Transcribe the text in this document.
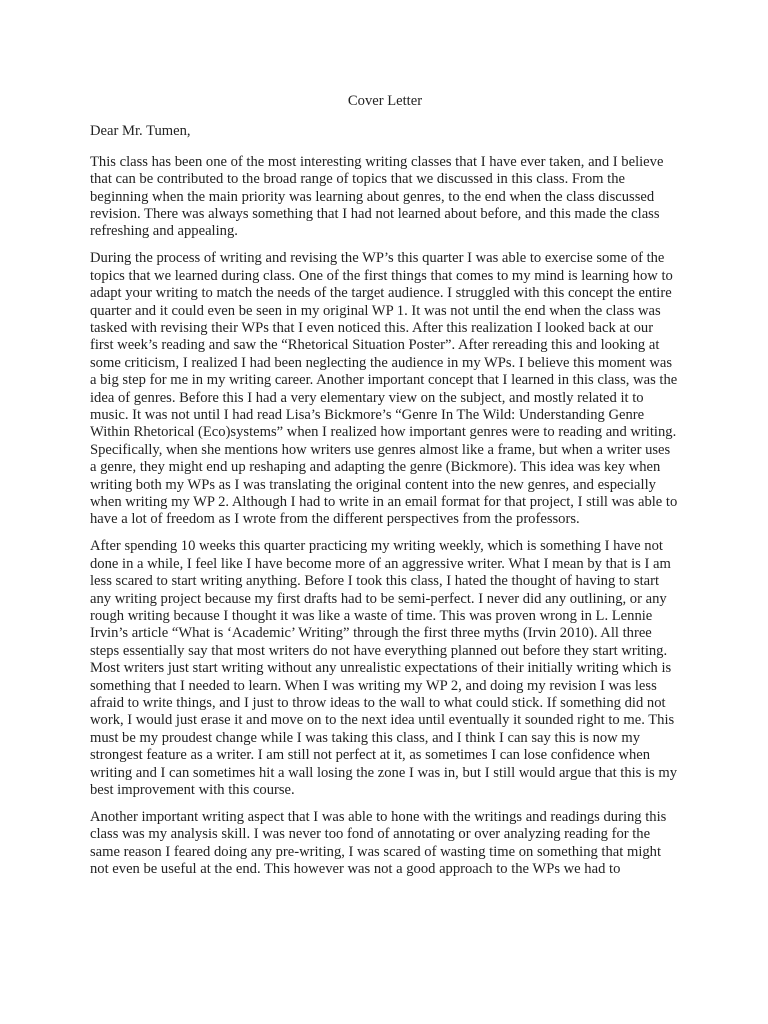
Cover Letter
Dear Mr. Tumen,

This class has been one of the most interesting writing classes that I have ever taken, and I believe that can be contributed to the broad range of topics that we discussed in this class. From the beginning when the main priority was learning about genres, to the end when the class discussed revision. There was always something that I had not learned about before, and this made the class refreshing and appealing.

During the process of writing and revising the WP’s this quarter I was able to exercise some of the topics that we learned during class. One of the first things that comes to my mind is learning how to adapt your writing to match the needs of the target audience. I struggled with this concept the entire quarter and it could even be seen in my original WP 1. It was not until the end when the class was tasked with revising their WPs that I even noticed this. After this realization I looked back at our first week’s reading and saw the “Rhetorical Situation Poster”. After rereading this and looking at some criticism, I realized I had been neglecting the audience in my WPs. I believe this moment was a big step for me in my writing career. Another important concept that I learned in this class, was the idea of genres. Before this I had a very elementary view on the subject, and mostly related it to music. It was not until I had read Lisa’s Bickmore’s “Genre In The Wild: Understanding Genre Within Rhetorical (Eco)systems” when I realized how important genres were to reading and writing. Specifically, when she mentions how writers use genres almost like a frame, but when a writer uses a genre, they might end up reshaping and adapting the genre (Bickmore). This idea was key when writing both my WPs as I was translating the original content into the new genres, and especially when writing my WP 2. Although I had to write in an email format for that project, I still was able to have a lot of freedom as I wrote from the different perspectives from the professors.

After spending 10 weeks this quarter practicing my writing weekly, which is something I have not done in a while, I feel like I have become more of an aggressive writer. What I mean by that is I am less scared to start writing anything. Before I took this class, I hated the thought of having to start any writing project because my first drafts had to be semi-perfect. I never did any outlining, or any rough writing because I thought it was like a waste of time. This was proven wrong in L. Lennie Irvin’s article “What is ‘Academic’ Writing” through the first three myths (Irvin 2010). All three steps essentially say that most writers do not have everything planned out before they start writing. Most writers just start writing without any unrealistic expectations of their initially writing which is something that I needed to learn. When I was writing my WP 2, and doing my revision I was less afraid to write things, and I just to throw ideas to the wall to what could stick. If something did not work, I would just erase it and move on to the next idea until eventually it sounded right to me. This must be my proudest change while I was taking this class, and I think I can say this is now my strongest feature as a writer. I am still not perfect at it, as sometimes I can lose confidence when writing and I can sometimes hit a wall losing the zone I was in, but I still would argue that this is my best improvement with this course.

Another important writing aspect that I was able to hone with the writings and readings during this class was my analysis skill. I was never too fond of annotating or over analyzing reading for the same reason I feared doing any pre-writing, I was scared of wasting time on something that might not even be useful at the end. This however was not a good approach to the WPs we had to
